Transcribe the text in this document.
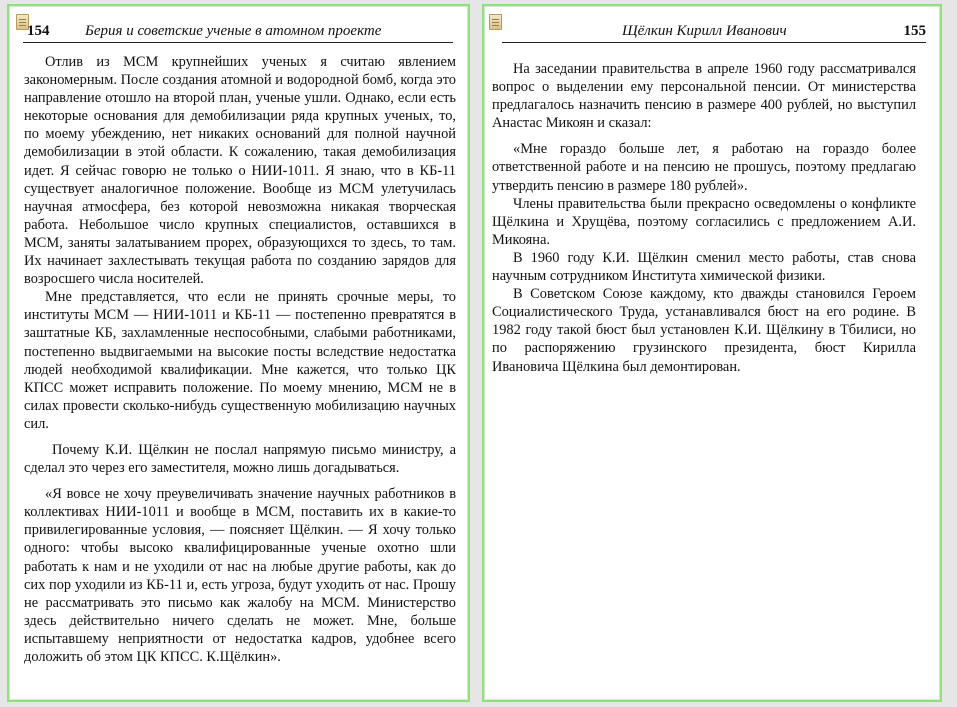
154 Берия и советские ученые в атомном проекте

Отлив из МСМ крупнейших ученых я считаю явлением закономерным. После создания атомной и водородной бомб, когда это направление отошло на второй план, ученые ушли. Однако, если есть некоторые основания для демобилизации ряда крупных ученых, то, по моему убеждению, нет никаких оснований для полной научной демобилизации в этой области. К сожалению, такая демобилизация идет. Я сейчас говорю не только о НИИ-1011. Я знаю, что в КБ-11 существует аналогичное положение. Вообще из МСМ улетучилась научная атмосфера, без которой невозможна никакая творческая работа. Небольшое число крупных специалистов, оставшихся в МСМ, заняты залатыванием прорех, образующихся то здесь, то там. Их начинает захлестывать текущая работа по созданию зарядов для возросшего числа носителей.

Мне представляется, что если не принять срочные меры, то институты МСМ — НИИ-1011 и КБ-11 — постепенно превратятся в заштатные КБ, захламленные неспособными, слабыми работниками, постепенно выдвигаемыми на высокие посты вследствие недостатка людей необходимой квалификации. Мне кажется, что только ЦК КПСС может исправить положение. По моему мнению, МСМ не в силах провести сколько-нибудь существенную мобилизацию научных сил.

Почему К.И. Щёлкин не послал напрямую письмо министру, а сделал это через его заместителя, можно лишь догадываться.

«Я вовсе не хочу преувеличивать значение научных работников в коллективах НИИ-1011 и вообще в МСМ, поставить их в какие-то привилегированные условия, — поясняет Щёлкин. — Я хочу только одного: чтобы высоко квалифицированные ученые охотно шли работать к нам и не уходили от нас на любые другие работы, как до сих пор уходили из КБ-11 и, есть угроза, будут уходить от нас. Прошу не рассматривать это письмо как жалобу на МСМ. Министерство здесь действительно ничего сделать не может. Мне, больше испытавшему неприятности от недостатка кадров, удобнее всего доложить об этом ЦК КПСС. К.Щёлкин».

Щёлкин Кирилл Иванович	155

На заседании правительства в апреле 1960 году рассматривался вопрос о выделении ему персональной пенсии. От министерства предлагалось назначить пенсию в размере 400 рублей, но выступил Анастас Микоян и сказал:

«Мне гораздо больше лет, я работаю на гораздо более ответственной работе и на пенсию не прошусь, поэтому предлагаю утвердить пенсию в размере 180 рублей».

Члены правительства были прекрасно осведомлены о конфликте Щёлкина и Хрущёва, поэтому согласились с предложением А.И. Микояна.

В 1960 году К.И. Щёлкин сменил место работы, став снова научным сотрудником Института химической физики.

В Советском Союзе каждому, кто дважды становился Героем Социалистического Труда, устанавливался бюст на его родине. В 1982 году такой бюст был установлен К.И. Щёлкину в Тбилиси, но по распоряжению грузинского президента, бюст Кирилла Ивановича Щёлкина был демонтирован.
